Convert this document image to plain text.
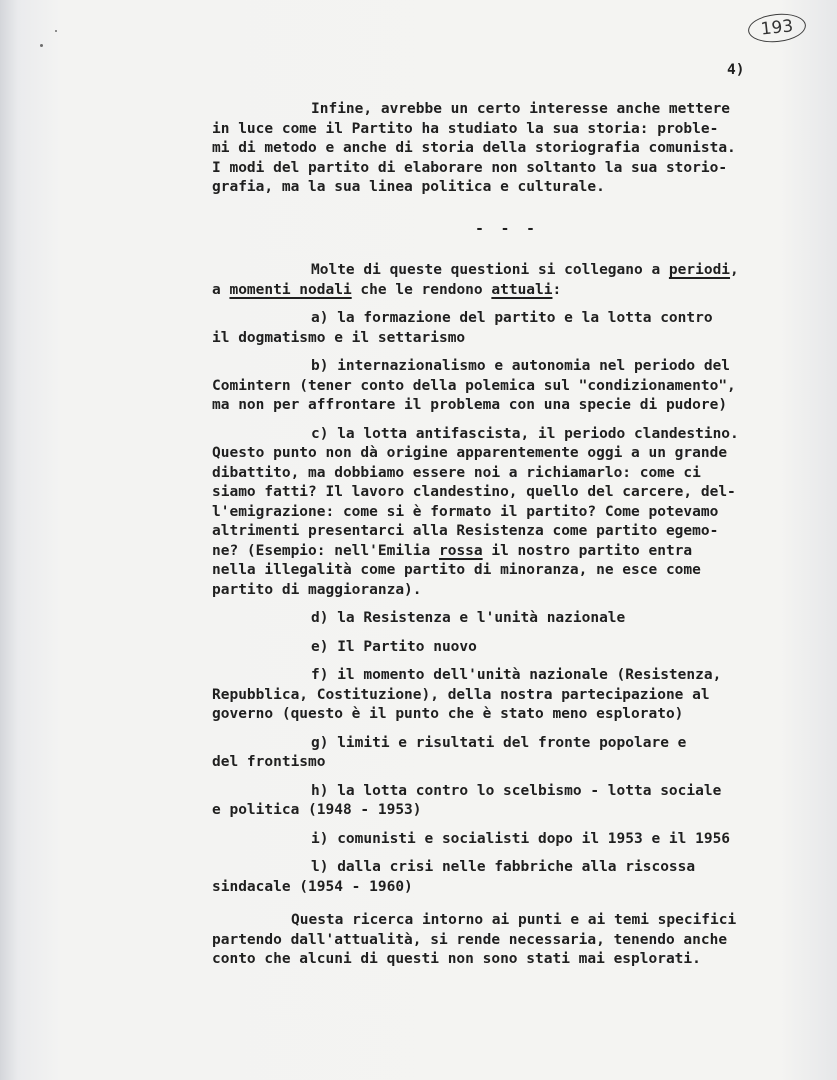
193
4)

Infine, avrebbe un certo interesse anche mettere

in luce come il Partito ha studiato la sua storia: proble-

mi di metodo e anche di storia della storiografia comunista.

I modi del partito di elaborare non soltanto la sua storio-

grafia, ma la sua linea politica e culturale.

- - -

Molte di queste questioni si collegano a periodi,

a momenti nodali che le rendono attuali:

a) la formazione del partito e la lotta contro

il dogmatismo e il settarismo

b) internazionalismo e autonomia nel periodo del

Comintern (tener conto della polemica sul "condizionamento",

ma non per affrontare il problema con una specie di pudore)

c) la lotta antifascista, il periodo clandestino.

Questo punto non dà origine apparentemente oggi a un grande

dibattito, ma dobbiamo essere noi a richiamarlo: come ci

siamo fatti? Il lavoro clandestino, quello del carcere, del-

l'emigrazione: come si è formato il partito? Come potevamo

altrimenti presentarci alla Resistenza come partito egemo-

ne? (Esempio: nell'Emilia rossa il nostro partito entra

nella illegalità come partito di minoranza, ne esce come

partito di maggioranza).

d) la Resistenza e l'unità nazionale

e) Il Partito nuovo

f) il momento dell'unità nazionale (Resistenza,

Repubblica, Costituzione), della nostra partecipazione al

governo (questo è il punto che è stato meno esplorato)

g) limiti e risultati del fronte popolare e

del frontismo

h) la lotta contro lo scelbismo - lotta sociale

e politica (1948 - 1953)

i) comunisti e socialisti dopo il 1953 e il 1956

l) dalla crisi nelle fabbriche alla riscossa

sindacale (1954 - 1960)

Questa ricerca intorno ai punti e ai temi specifici

partendo dall'attualità, si rende necessaria, tenendo anche

conto che alcuni di questi non sono stati mai esplorati.
